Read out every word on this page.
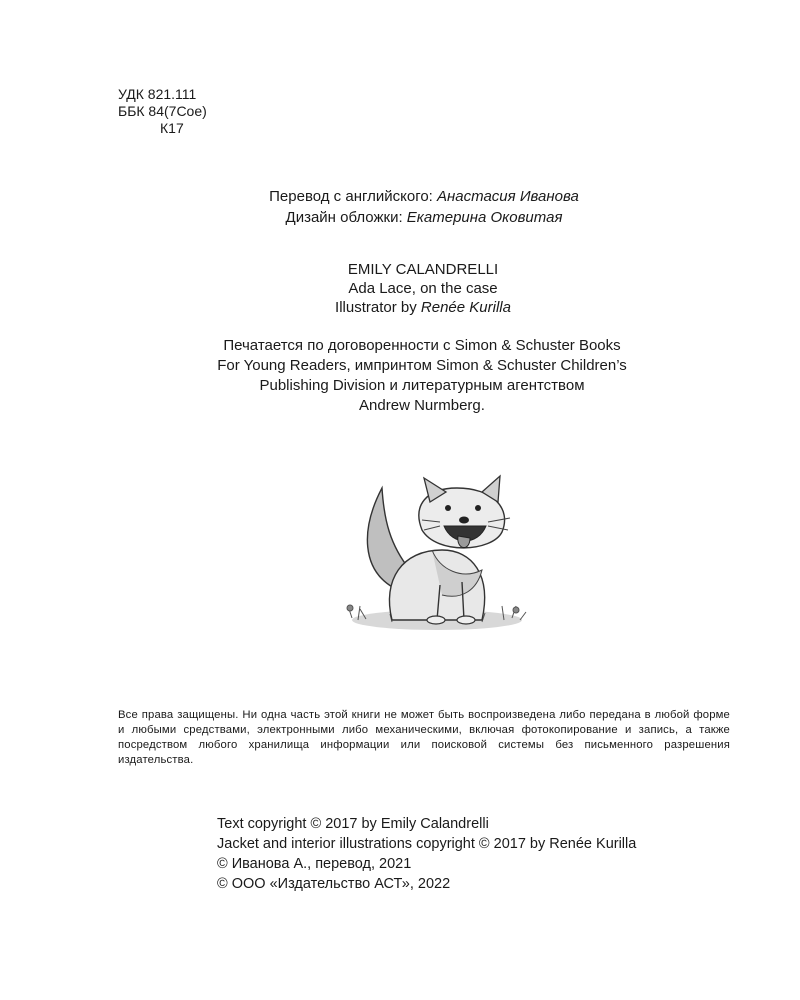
УДК 821.111
ББК 84(7Сое)
К17
Перевод с английского: Анастасия Иванова
Дизайн обложки: Екатерина Оковитая
EMILY CALANDRELLI
Ada Lace, on the case
Illustrator by Renée Kurilla
Печатается по договоренности с Simon & Schuster Books
For Young Readers, импринтом Simon & Schuster Children’s
Publishing Division и литературным агентством
Andrew Nurmberg.
Все права защищены. Ни одна часть этой книги не может быть воспроизведена либо передана в любой форме и любыми средствами, электронными либо механическими, включая фотокопирование и запись, а также посредством любого хранилища информации или поисковой системы без письменного разрешения издательства.
Text copyright © 2017 by Emily Calandrelli
Jacket and interior illustrations copyright © 2017 by Renée Kurilla
© Иванова А., перевод, 2021
© ООО «Издательство АСТ», 2022
